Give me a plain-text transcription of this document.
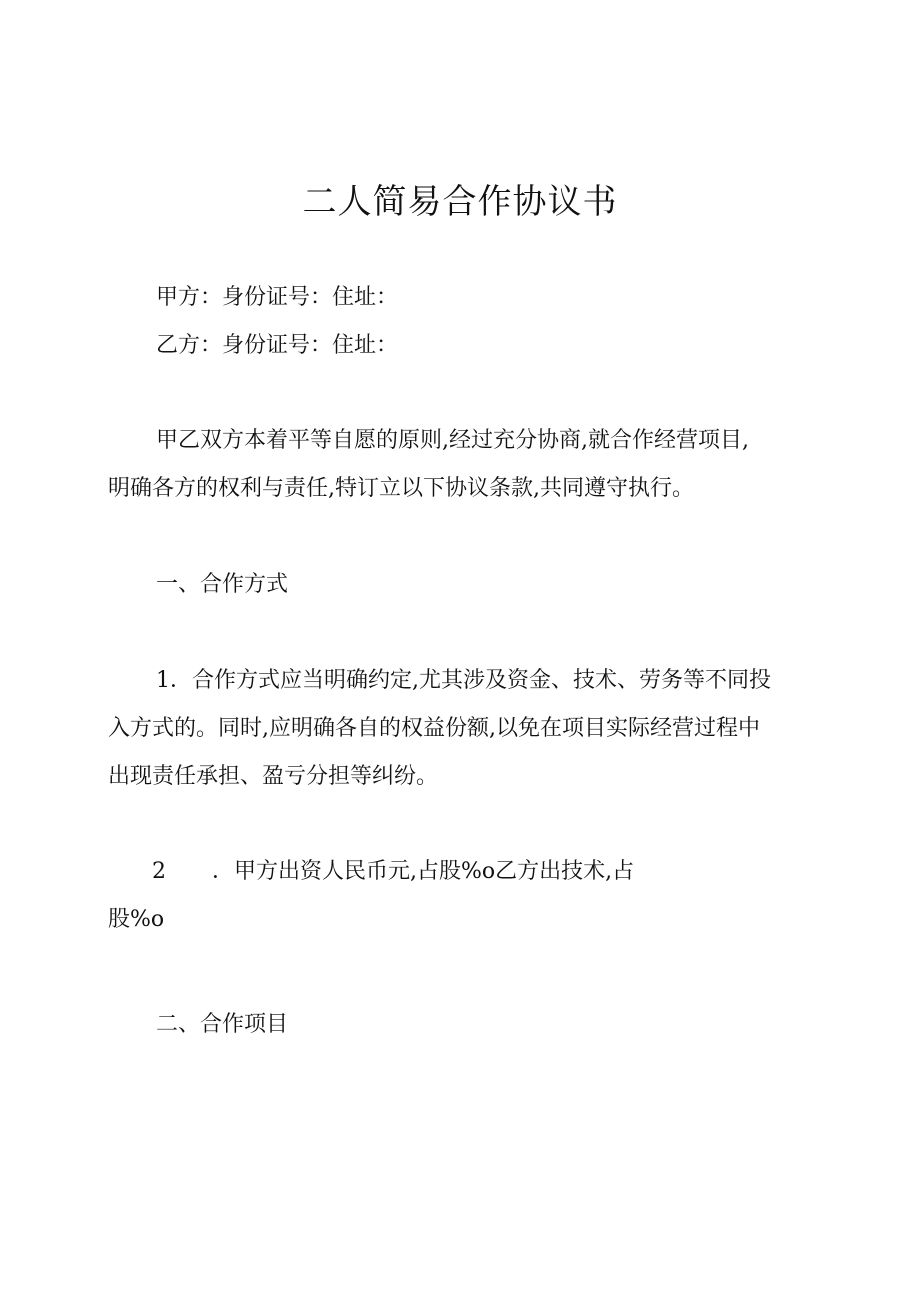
二人简易合作协议书

甲方：身份证号：住址：

乙方：身份证号：住址：

甲乙双方本着平等自愿的原则,经过充分协商,就合作经营项目,

明确各方的权利与责任,特订立以下协议条款,共同遵守执行。

一、合作方式

1．合作方式应当明确约定,尤其涉及资金、技术、劳务等不同投

入方式的。同时,应明确各自的权益份额,以免在项目实际经营过程中

出现责任承担、盈亏分担等纠纷。

2 ．甲方出资人民币元,占股%o乙方出技术,占

股%o

二、合作项目
